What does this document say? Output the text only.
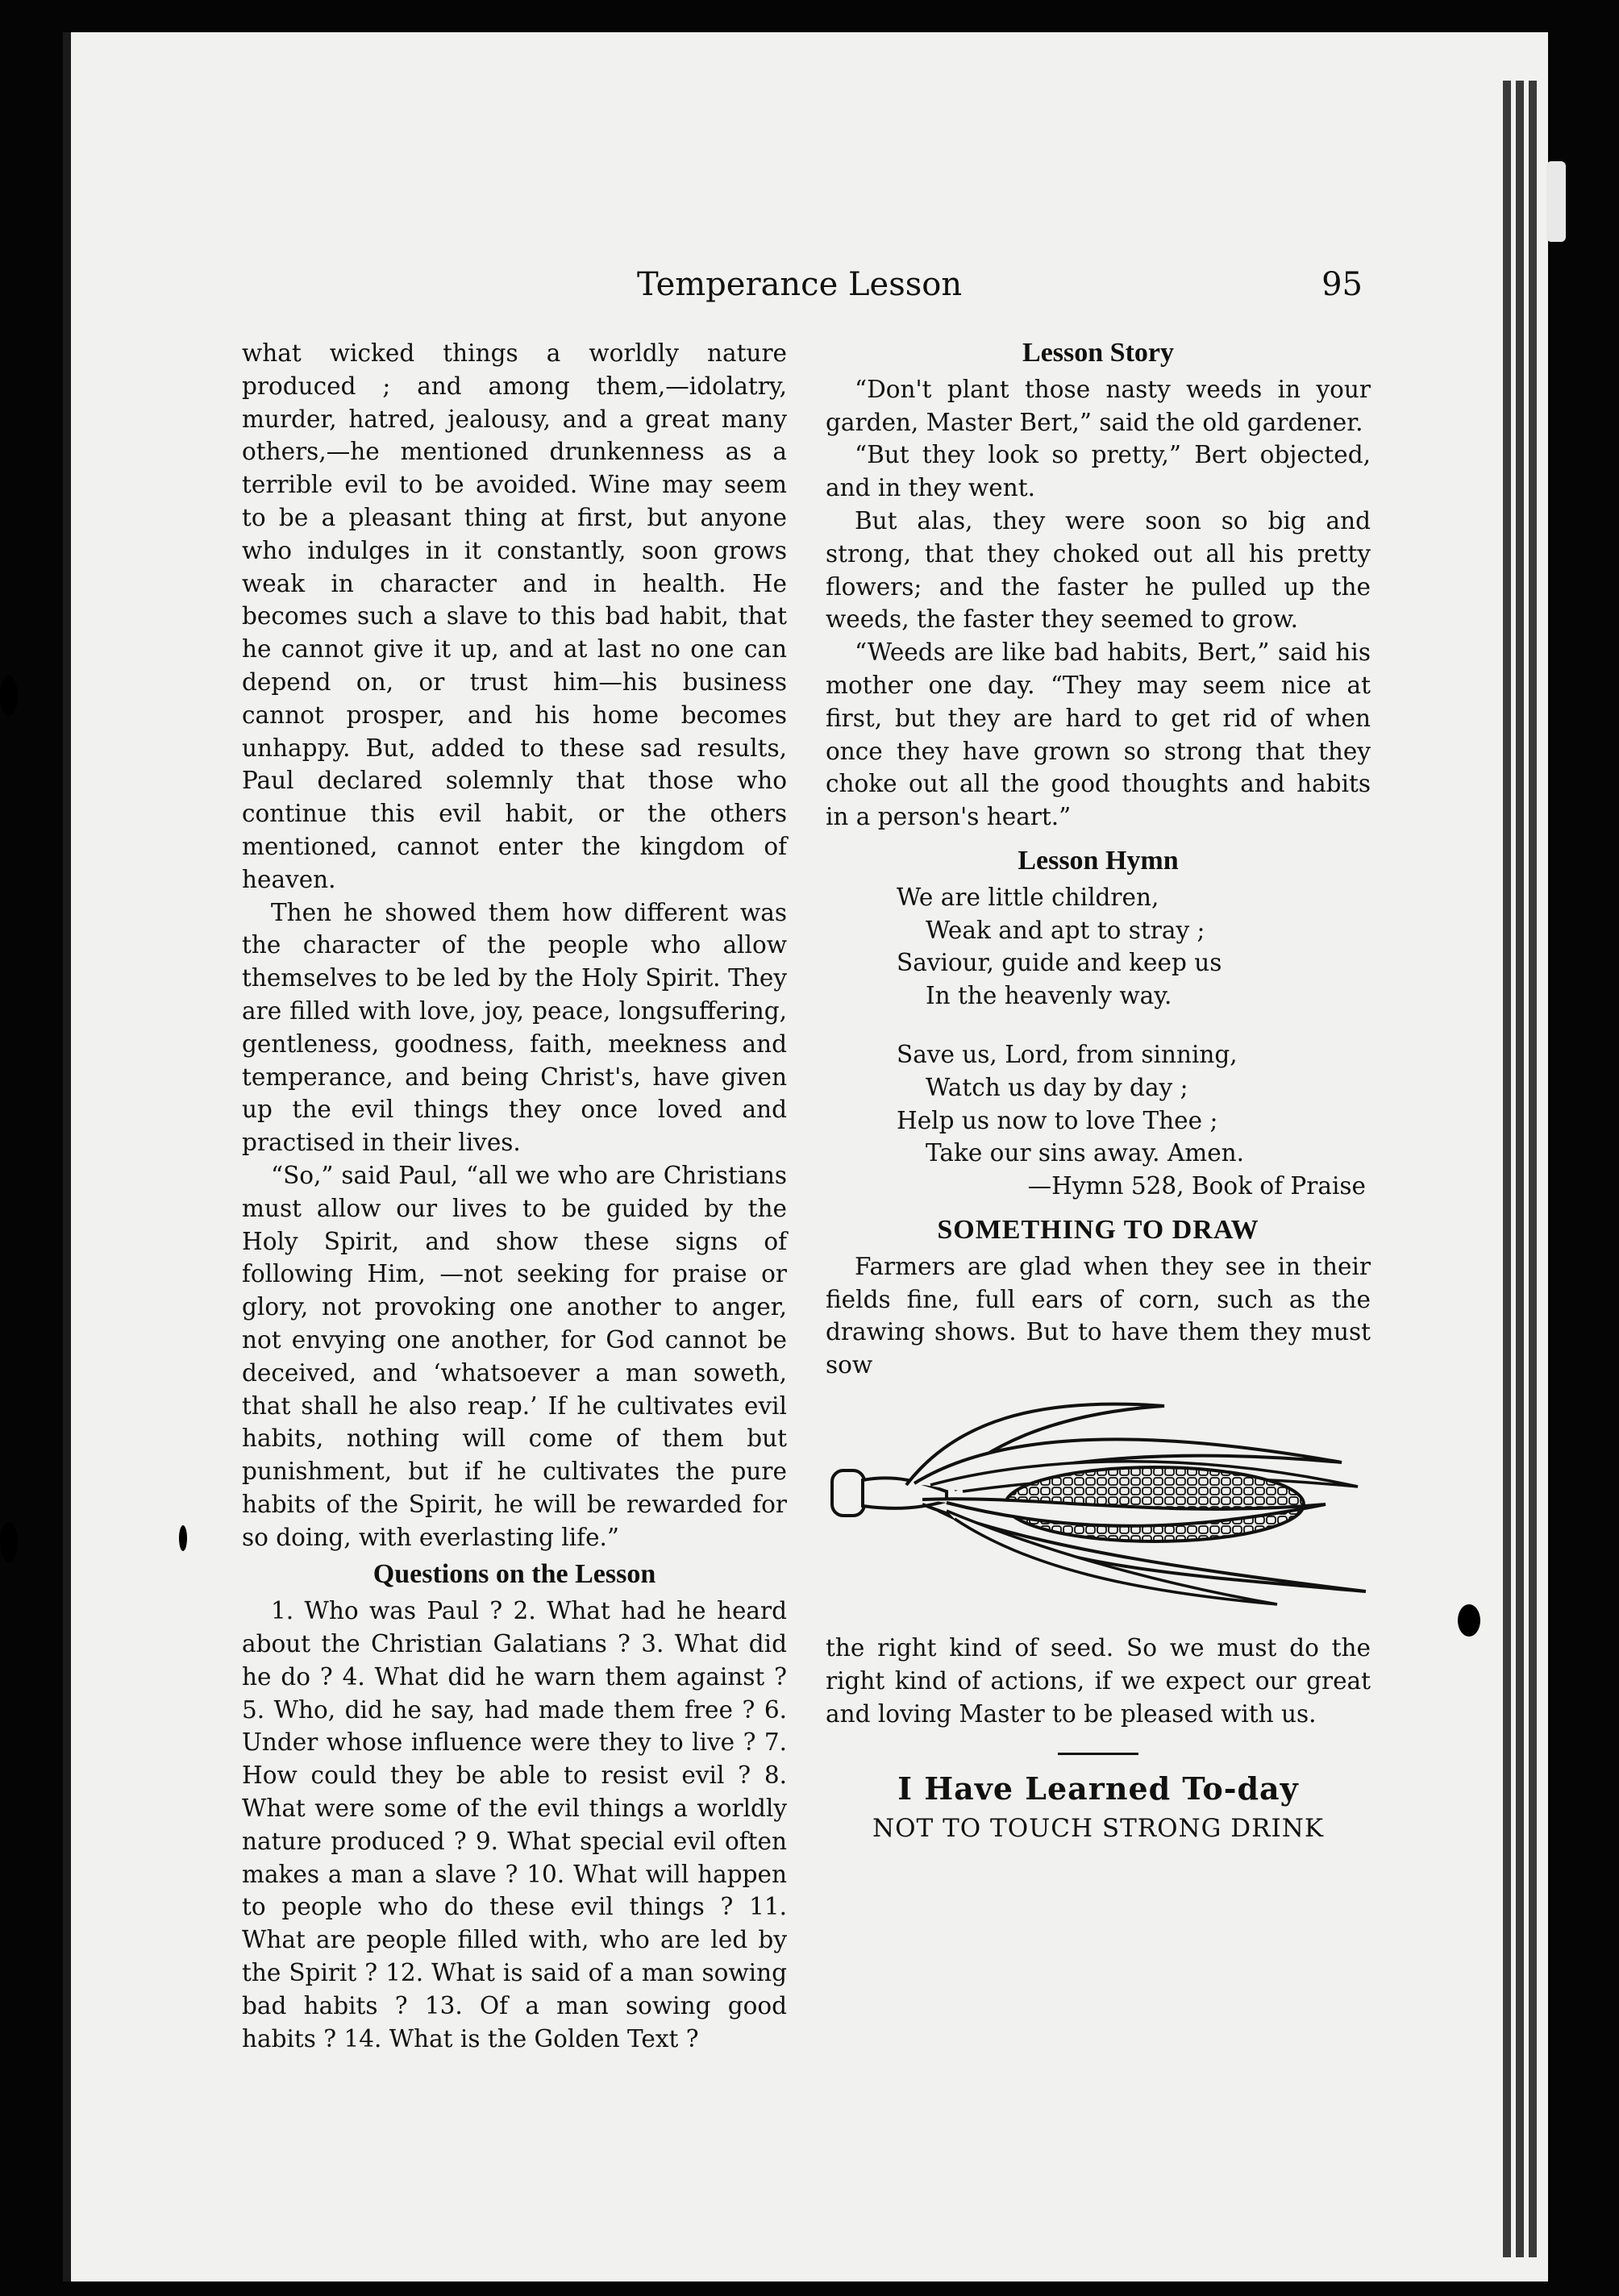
Temperance Lesson	95

what wicked things a worldly nature produced ; and among them,—idolatry, murder, hatred, jealousy, and a great many others,—he mentioned drunkenness as a terrible evil to be avoided. Wine may seem to be a pleasant thing at first, but anyone who indulges in it constantly, soon grows weak in character and in health. He becomes such a slave to this bad habit, that he cannot give it up, and at last no one can depend on, or trust him—his business cannot prosper, and his home becomes unhappy. But, added to these sad results, Paul declared solemnly that those who continue this evil habit, or the others mentioned, cannot enter the kingdom of heaven.

Then he showed them how different was the character of the people who allow themselves to be led by the Holy Spirit. They are filled with love, joy, peace, longsuffering, gentleness, goodness, faith, meekness and temperance, and being Christ's, have given up the evil things they once loved and practised in their lives.

“So,” said Paul, “all we who are Christians must allow our lives to be guided by the Holy Spirit, and show these signs of following Him, —not seeking for praise or glory, not provoking one another to anger, not envying one another, for God cannot be deceived, and ‘whatsoever a man soweth, that shall he also reap.’ If he cultivates evil habits, nothing will come of them but punishment, but if he cultivates the pure habits of the Spirit, he will be rewarded for so doing, with everlasting life.”

Questions on the Lesson

1. Who was Paul ? 2. What had he heard about the Christian Galatians ? 3. What did he do ? 4. What did he warn them against ? 5. Who, did he say, had made them free ? 6. Under whose influence were they to live ? 7. How could they be able to resist evil ? 8. What were some of the evil things a worldly nature produced ? 9. What special evil often makes a man a slave ? 10. What will happen to people who do these evil things ? 11. What are people filled with, who are led by the Spirit ? 12. What is said of a man sowing bad habits ? 13. Of a man sowing good habits ? 14. What is the Golden Text ?

Lesson Story

“Don't plant those nasty weeds in your garden, Master Bert,” said the old gardener.

“But they look so pretty,” Bert objected, and in they went.

But alas, they were soon so big and strong, that they choked out all his pretty flowers; and the faster he pulled up the weeds, the faster they seemed to grow.

“Weeds are like bad habits, Bert,” said his mother one day. “They may seem nice at first, but they are hard to get rid of when once they have grown so strong that they choke out all the good thoughts and habits in a person's heart.”

Lesson Hymn
We are little children,
Weak and apt to stray ;
Saviour, guide and keep us
In the heavenly way.
Save us, Lord, from sinning,
Watch us day by day ;
Help us now to love Thee ;
Take our sins away. Amen.
—Hymn 528, Book of Praise
SOMETHING TO DRAW

Farmers are glad when they see in their fields fine, full ears of corn, such as the drawing shows. But to have them they must sow

the right kind of seed. So we must do the right kind of actions, if we expect our great and loving Master to be pleased with us.

I Have Learned To-day
NOT TO TOUCH STRONG DRINK
